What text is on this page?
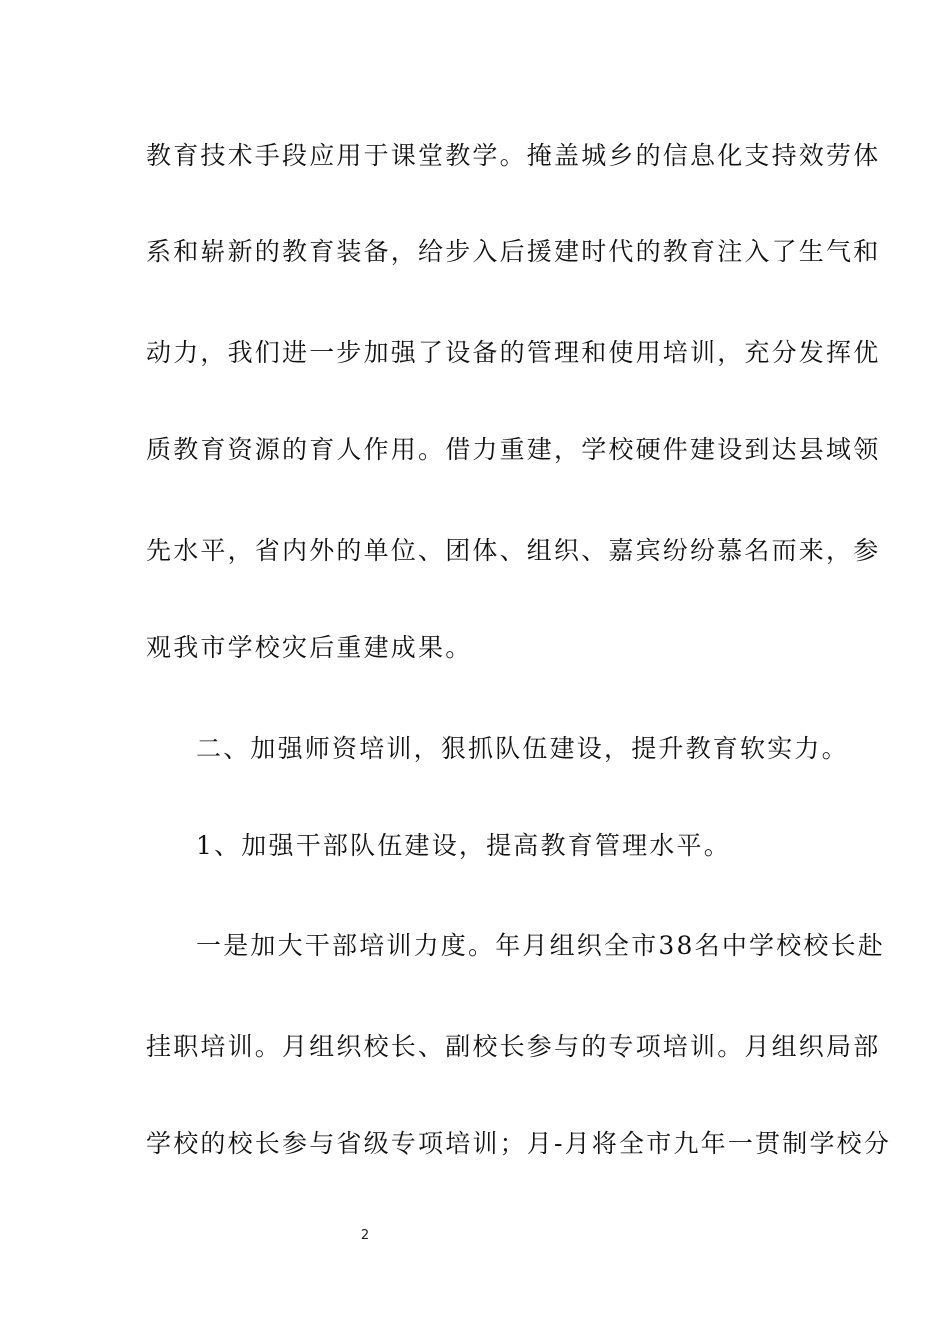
教育技术手段应用于课堂教学。掩盖城乡的信息化支持效劳体
系和崭新的教育装备，给步入后援建时代的教育注入了生气和
动力，我们进一步加强了设备的管理和使用培训，充分发挥优
质教育资源的育人作用。借力重建，学校硬件建设到达县域领
先水平，省内外的单位、团体、组织、嘉宾纷纷慕名而来，参
观我市学校灾后重建成果。
二、加强师资培训，狠抓队伍建设，提升教育软实力。
1、加强干部队伍建设，提高教育管理水平。
一是加大干部培训力度。年月组织全市38名中学校校长赴
挂职培训。月组织校长、副校长参与的专项培训。月组织局部
学校的校长参与省级专项培训；月-月将全市九年一贯制学校分
2
